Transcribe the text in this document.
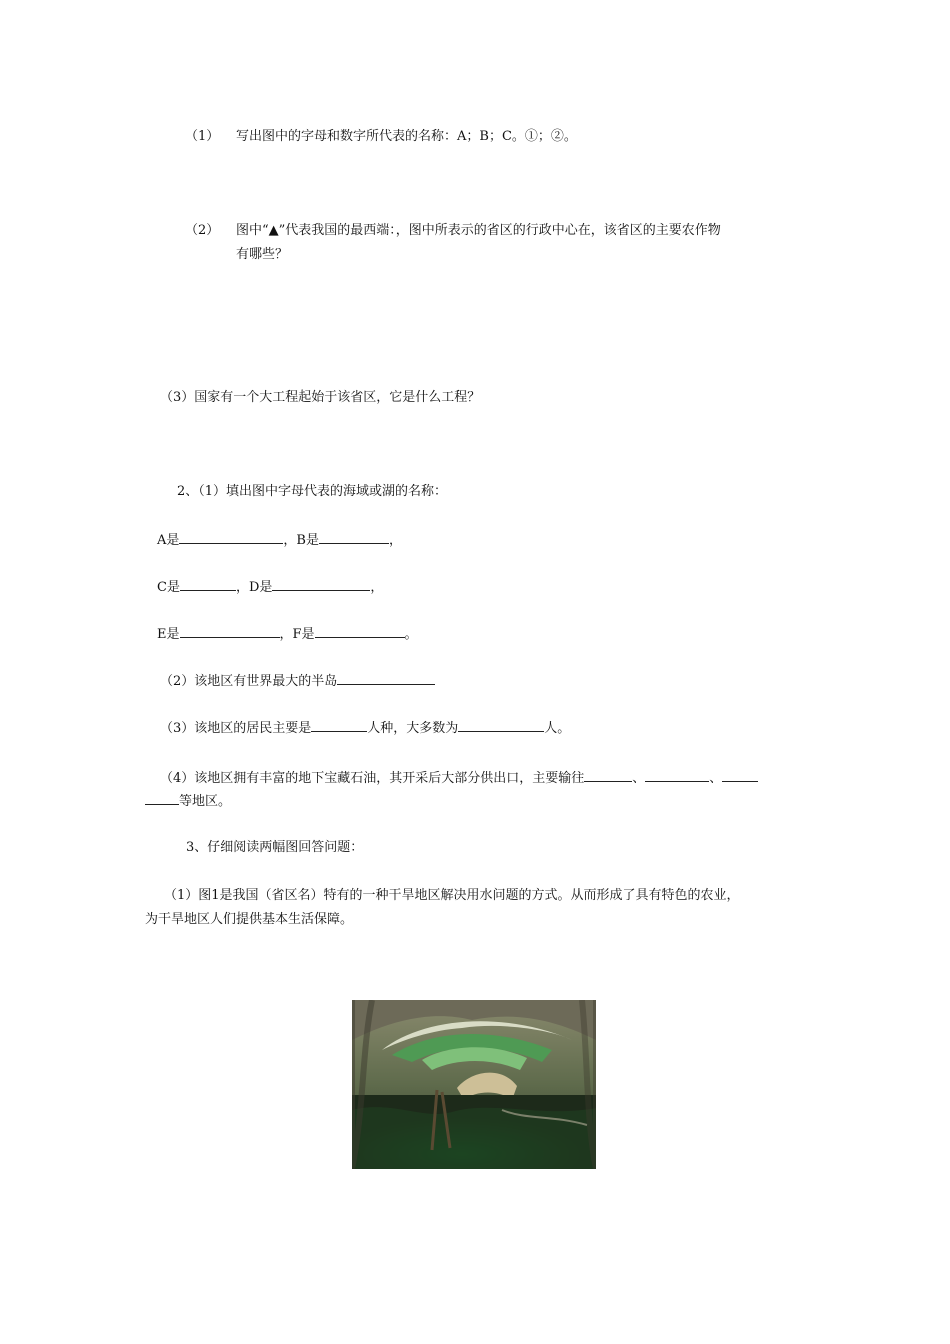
（1） 写出图中的字母和数字所代表的名称：A；B；C。①；②。
（2） 图中“▲”代表我国的最西端：，图中所表示的省区的行政中心在，该省区的主要农作物
有哪些？
（3）国家有一个大工程起始于该省区，它是什么工程？
2、（1）填出图中字母代表的海域或湖的名称：
A是	，B是	，
C是	，D是	，
E是	，F是	。
（2）该地区有世界最大的半岛
（3）该地区的居民主要是	人种，大多数为	人。
（4）该地区拥有丰富的地下宝藏石油，其开采后大部分供出口，主要输往	、	、
等地区。
3、仔细阅读两幅图回答问题：
（1）图1是我国（省区名）特有的一种干旱地区解决用水问题的方式。从而形成了具有特色的农业，
为干旱地区人们提供基本生活保障。
